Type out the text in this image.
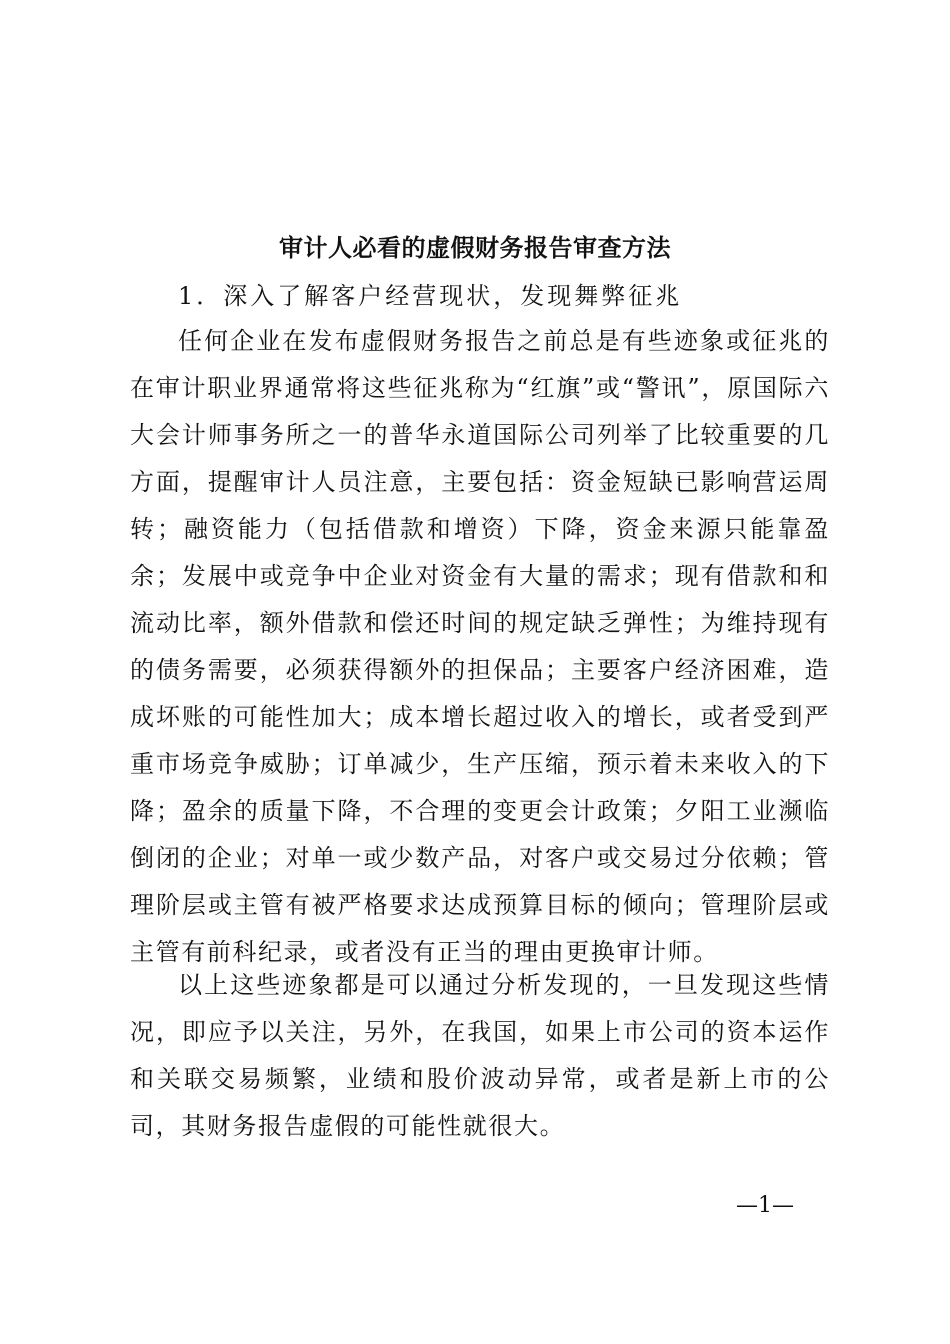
审计人必看的虚假财务报告审查方法
1．深入了解客户经营现状，发现舞弊征兆

任何企业在发布虚假财务报告之前总是有些迹象或征兆的在审计职业界通常将这些征兆称为“红旗”或“警讯”，原国际六大会计师事务所之一的普华永道国际公司列举了比较重要的几方面，提醒审计人员注意，主要包括：资金短缺已影响营运周转；融资能力（包括借款和增资）下降，资金来源只能靠盈余；发展中或竞争中企业对资金有大量的需求；现有借款和和流动比率，额外借款和偿还时间的规定缺乏弹性；为维持现有的债务需要，必须获得额外的担保品；主要客户经济困难，造成坏账的可能性加大；成本增长超过收入的增长，或者受到严重市场竞争威胁；订单减少，生产压缩，预示着未来收入的下降；盈余的质量下降，不合理的变更会计政策；夕阳工业濒临倒闭的企业；对单一或少数产品，对客户或交易过分依赖；管理阶层或主管有被严格要求达成预算目标的倾向；管理阶层或主管有前科纪录，或者没有正当的理由更换审计师。

以上这些迹象都是可以通过分析发现的，一旦发现这些情况，即应予以关注，另外，在我国，如果上市公司的资本运作和关联交易频繁，业绩和股价波动异常，或者是新上市的公司，其财务报告虚假的可能性就很大。

—1—
